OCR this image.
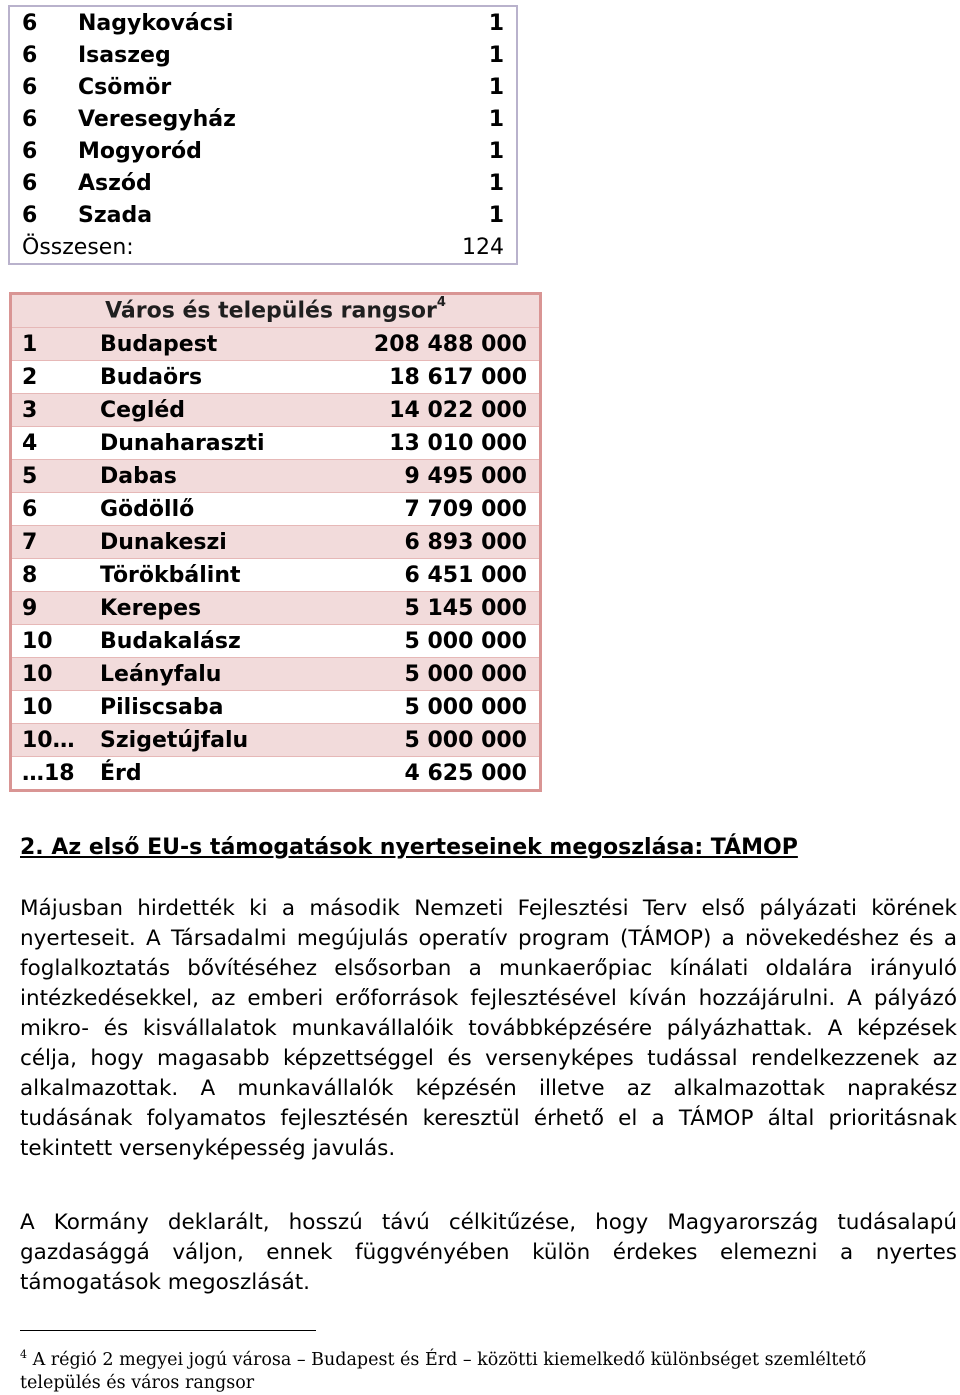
6	Nagykovácsi	1
6	Isaszeg	1
6	Csömör	1
6	Veresegyház	1
6	Mogyoród	1
6	Aszód	1
6	Szada	1
Összesen:		124
Város és település rangsor$^4$
1	Budapest	208 488 000
2	Budaörs	18 617 000
3	Cegléd	14 022 000
4	Dunaharaszti	13 010 000
5	Dabas	9 495 000
6	Gödöllő	7 709 000
7	Dunakeszi	6 893 000
8	Törökbálint	6 451 000
9	Kerepes	5 145 000
10	Budakalász	5 000 000
10	Leányfalu	5 000 000
10	Piliscsaba	5 000 000
10…	Szigetújfalu	5 000 000
…18	Érd	4 625 000
2. Az első EU-s támogatások nyerteseinek megoszlása: TÁMOP

Májusban hirdették ki a második Nemzeti Fejlesztési Terv első pályázati körének nyerteseit. A Társadalmi megújulás operatív program (TÁMOP) a növekedéshez és a foglalkoztatás bővítéséhez elsősorban a munkaerőpiac kínálati oldalára irányuló intézkedésekkel, az emberi erőforrások fejlesztésével kíván hozzájárulni. A pályázó mikro- és kisvállalatok munkavállalóik továbbképzésére pályázhattak. A képzések célja, hogy magasabb képzettséggel és versenyképes tudással rendelkezzenek az alkalmazottak. A munkavállalók képzésén illetve az alkalmazottak naprakész tudásának folyamatos fejlesztésén keresztül érhető el a TÁMOP által prioritásnak tekintett versenyképesség javulás.

A Kormány deklarált, hosszú távú célkitűzése, hogy Magyarország tudásalapú gazdasággá váljon, ennek függvényében külön érdekes elemezni a nyertes támogatások megoszlását.

$^4$ A régió 2 megyei jogú városa – Budapest és Érd – közötti kiemelkedő különbséget szemléltető település és város rangsor
